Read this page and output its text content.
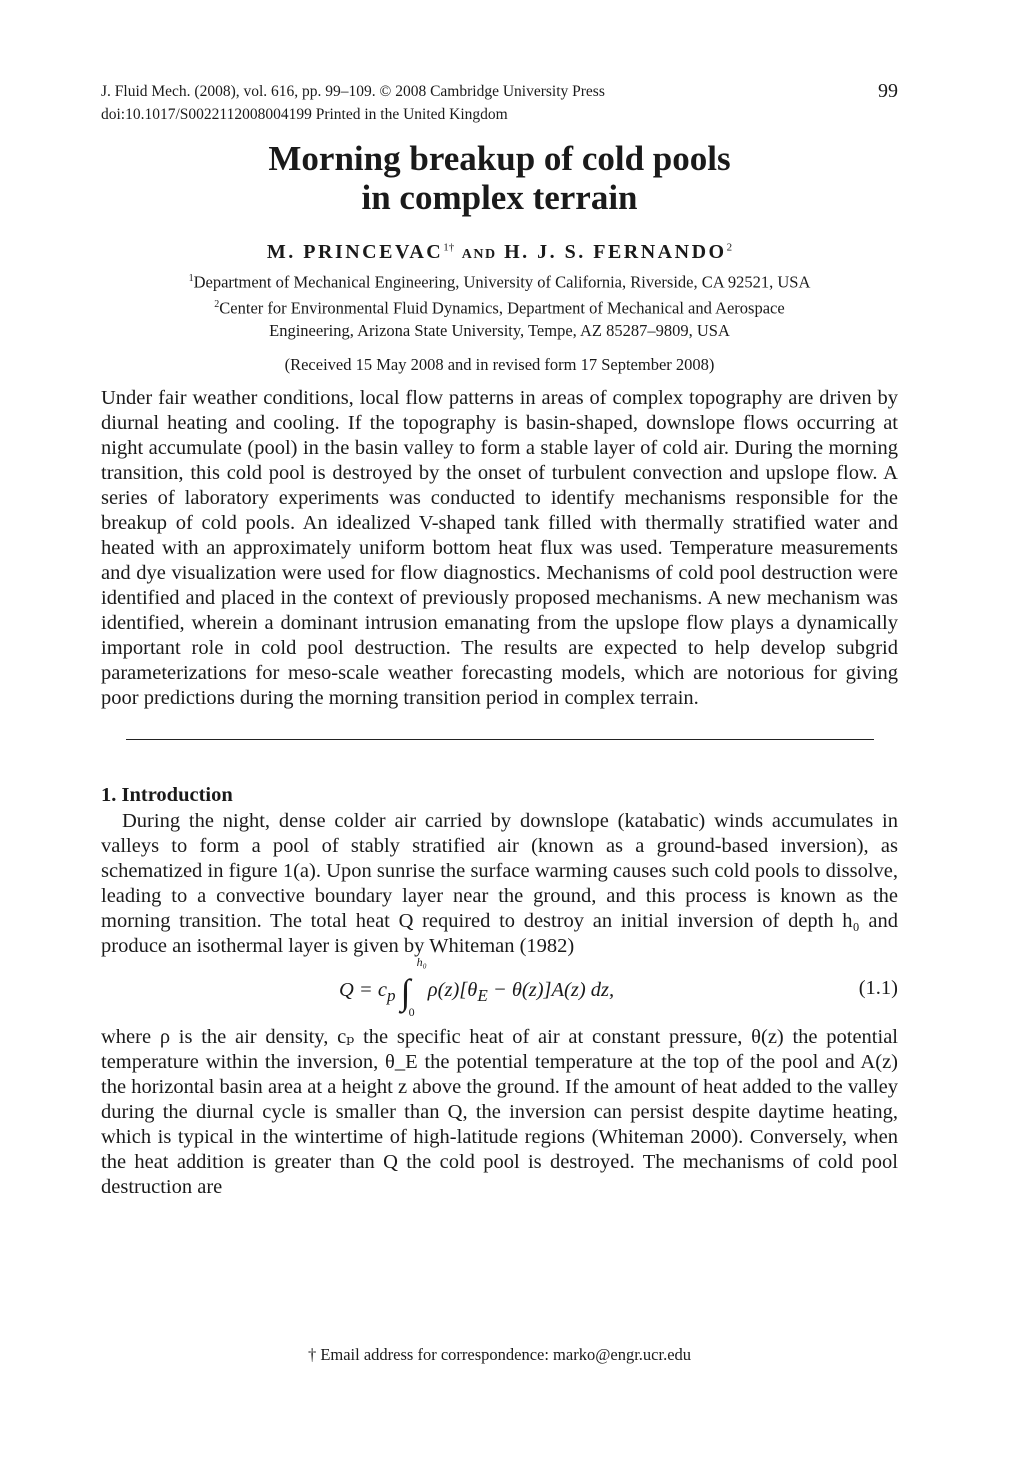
J. Fluid Mech. (2008), vol. 616, pp. 99–109. © 2008 Cambridge University Press
doi:10.1017/S0022112008004199 Printed in the United Kingdom
99
Morning breakup of cold pools
in complex terrain
M. $PRINCEVAC^{1\dagger}$ AND H. J. S. FERNANDO$^2$
$^1$Department of Mechanical Engineering, University of California, Riverside, CA 92521, USA
$^2$Center for Environmental Fluid Dynamics, Department of Mechanical and Aerospace
Engineering, Arizona State University, Tempe, AZ 85287–9809, USA
(Received 15 May 2008 and in revised form 17 September 2008)
Under fair weather conditions, local flow patterns in areas of complex topography are driven by diurnal heating and cooling. If the topography is basin-shaped, downslope flows occurring at night accumulate (pool) in the basin valley to form a stable layer of cold air. During the morning transition, this cold pool is destroyed by the onset of turbulent convection and upslope flow. A series of laboratory experiments was conducted to identify mechanisms responsible for the breakup of cold pools. An idealized V-shaped tank filled with thermally stratified water and heated with an approximately uniform bottom heat flux was used. Temperature measurements and dye visualization were used for flow diagnostics. Mechanisms of cold pool destruction were identified and placed in the context of previously proposed mechanisms. A new mechanism was identified, wherein a dominant intrusion emanating from the upslope flow plays a dynamically important role in cold pool destruction. The results are expected to help develop subgrid parameterizations for meso-scale weather forecasting models, which are notorious for giving poor predictions during the morning transition period in complex terrain.
1. Introduction
During the night, dense colder air carried by downslope (katabatic) winds accumulates in valleys to form a pool of stably stratified air (known as a ground-based inversion), as schematized in figure 1(a). Upon sunrise the surface warming causes such cold pools to dissolve, leading to a convective boundary layer near the ground, and this process is known as the morning transition. The total heat Q required to destroy an initial inversion of depth h₀ and produce an isothermal layer is given by Whiteman (1982)
$Q = c_p$ ∫
h₀
0
$\rho(z)[\theta_E - \theta(z)]A(z)$ dz,	(1.1)
where ρ is the air density, cₚ the specific heat of air at constant pressure, θ(z) the potential temperature within the inversion, θ_E the potential temperature at the top of the pool and A(z) the horizontal basin area at a height z above the ground. If the amount of heat added to the valley during the diurnal cycle is smaller than Q, the inversion can persist despite daytime heating, which is typical in the wintertime of high-latitude regions (Whiteman 2000). Conversely, when the heat addition is greater than Q the cold pool is destroyed. The mechanisms of cold pool destruction are
† Email address for correspondence: marko@engr.ucr.edu
